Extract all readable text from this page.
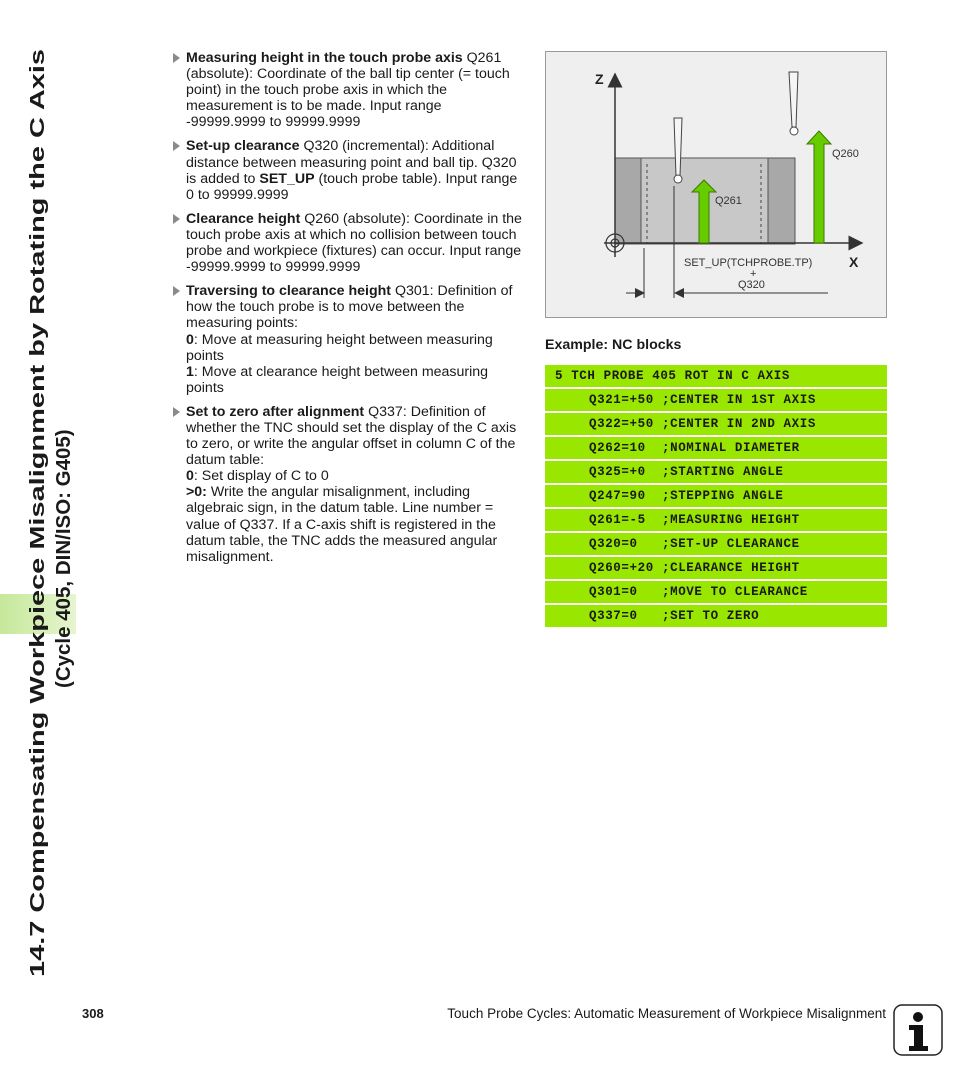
14.7 Compensating Workpiece Misalignment by Rotating the C Axis (Cycle 405, DIN/ISO: G405)
Measuring height in the touch probe axis Q261 (absolute): Coordinate of the ball tip center (= touch point) in the touch probe axis in which the measurement is to be made. Input range -99999.9999 to 99999.9999
Set-up clearance Q320 (incremental): Additional distance between measuring point and ball tip. Q320 is added to SET_UP (touch probe table). Input range 0 to 99999.9999
Clearance height Q260 (absolute): Coordinate in the touch probe axis at which no collision between touch probe and workpiece (fixtures) can occur. Input range -99999.9999 to 99999.9999
Traversing to clearance height Q301: Definition of how the touch probe is to move between the measuring points:
0: Move at measuring height between measuring points
1: Move at clearance height between measuring points
Set to zero after alignment Q337: Definition of whether the TNC should set the display of the C axis to zero, or write the angular offset in column C of the datum table:
0: Set display of C to 0
>0: Write the angular misalignment, including algebraic sign, in the datum table. Line number = value of Q337. If a C-axis shift is registered in the datum table, the TNC adds the measured angular misalignment.
Z
X
Q260
Q261
SET_UP(TCHPROBE.TP)
+
Q320
Example: NC blocks
5 TCH PROBE 405 ROT IN C AXIS
Q321=+50 ;CENTER IN 1ST AXIS
Q322=+50 ;CENTER IN 2ND AXIS
Q262=10	;NOMINAL DIAMETER
Q325=+0	;STARTING ANGLE
Q247=90	;STEPPING ANGLE
Q261=-5	;MEASURING HEIGHT
Q320=0	;SET-UP CLEARANCE
Q260=+20 ;CLEARANCE HEIGHT
Q301=0	;MOVE TO CLEARANCE
Q337=0	;SET TO ZERO
308	Touch Probe Cycles: Automatic Measurement of Workpiece Misalignment
